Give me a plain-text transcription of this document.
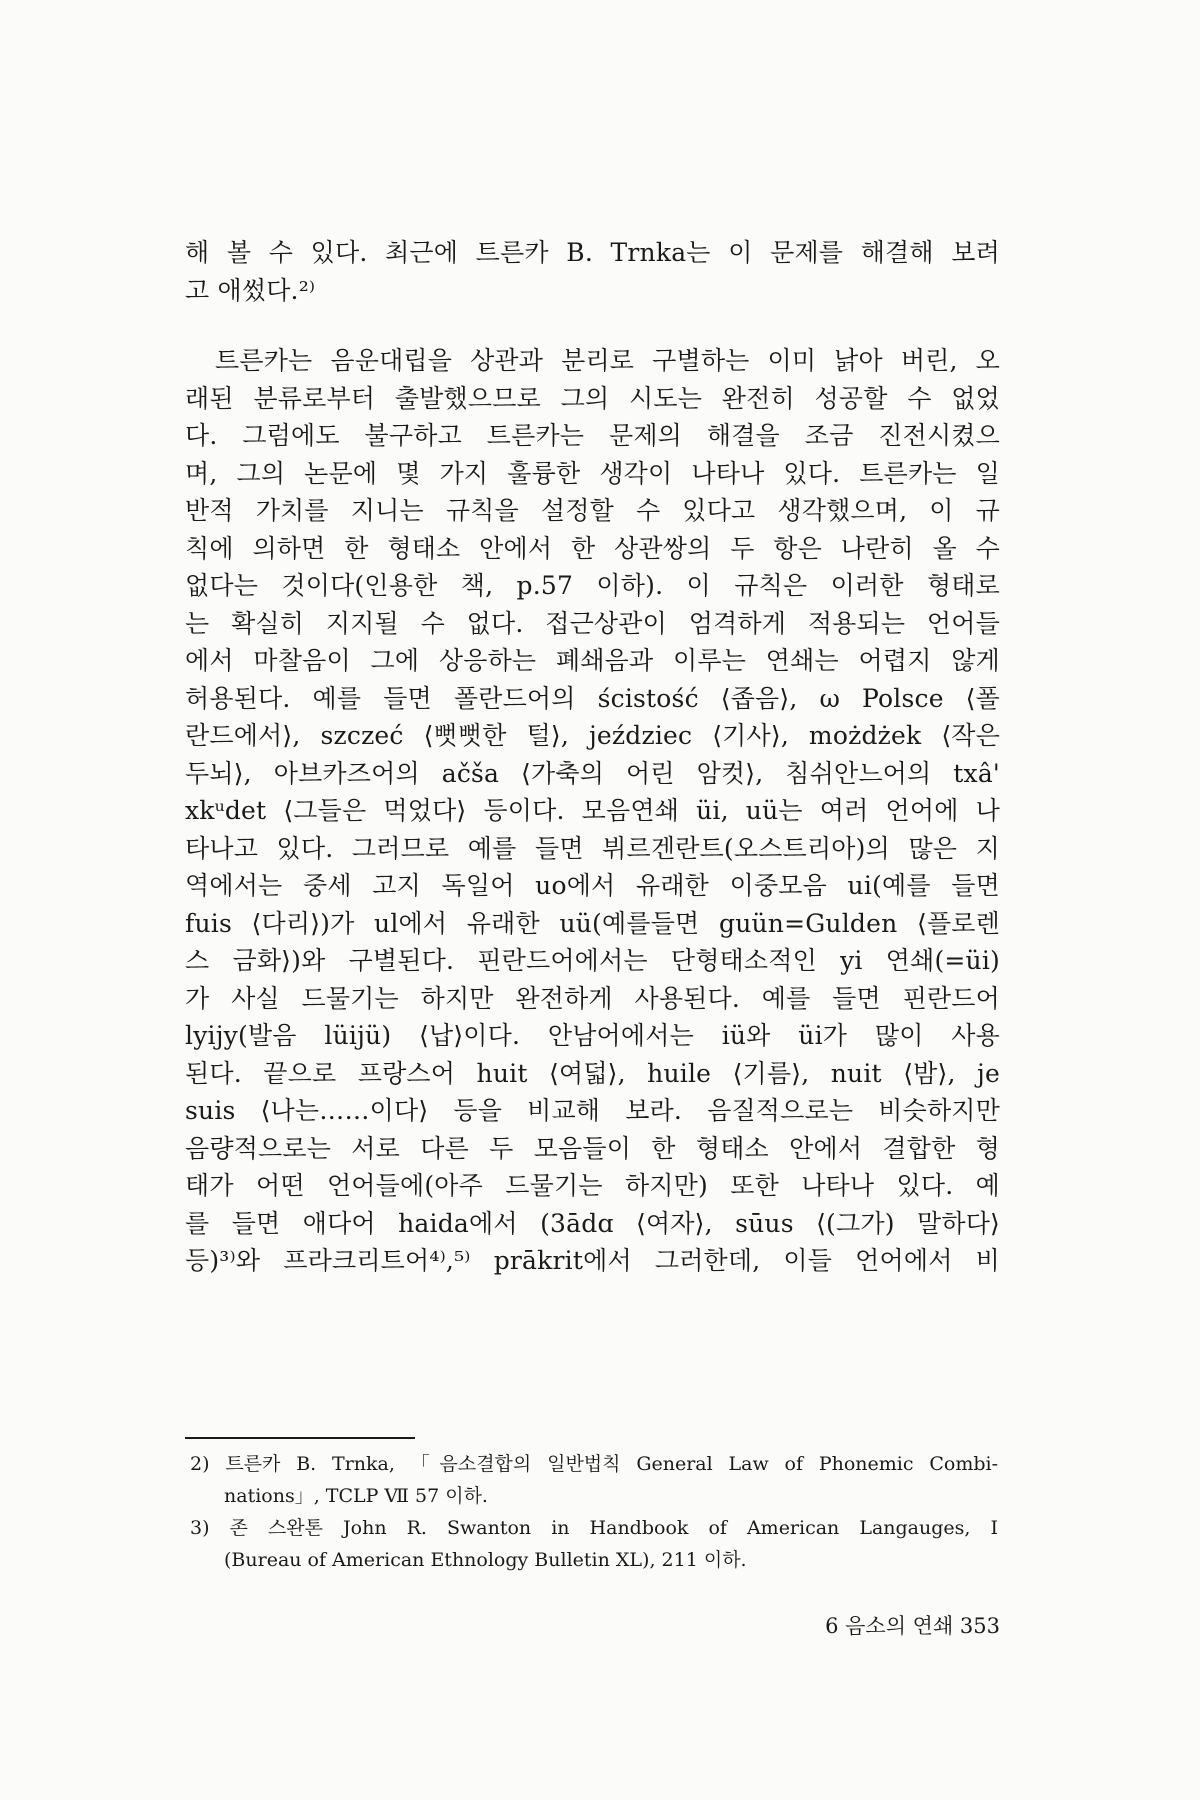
해 볼 수 있다. 최근에 트른카 B. Trnka는 이 문제를 해결해 보려
고 애썼다.²⁾
트른카는 음운대립을 상관과 분리로 구별하는 이미 낡아 버린, 오
래된 분류로부터 출발했으므로 그의 시도는 완전히 성공할 수 없었
다. 그럼에도 불구하고 트른카는 문제의 해결을 조금 진전시켰으
며, 그의 논문에 몇 가지 훌륭한 생각이 나타나 있다. 트른카는 일
반적 가치를 지니는 규칙을 설정할 수 있다고 생각했으며, 이 규
칙에 의하면 한 형태소 안에서 한 상관쌍의 두 항은 나란히 올 수
없다는 것이다(인용한 책, p.57 이하). 이 규칙은 이러한 형태로
는 확실히 지지될 수 없다. 접근상관이 엄격하게 적용되는 언어들
에서 마찰음이 그에 상응하는 폐쇄음과 이루는 연쇄는 어렵지 않게
허용된다. 예를 들면 폴란드어의 ścistość ⟨좁음⟩, ω Polsce ⟨폴
란드에서⟩, szczeć ⟨뻣뻣한 털⟩, jeździec ⟨기사⟩, możdżek ⟨작은
두뇌⟩, 아브카즈어의 ačša ⟨가축의 어린 암컷⟩, 침쉬안느어의 txâ'
xkᵘdet ⟨그들은 먹었다⟩ 등이다. 모음연쇄 üi, uü는 여러 언어에 나
타나고 있다. 그러므로 예를 들면 뷔르겐란트(오스트리아)의 많은 지
역에서는 중세 고지 독일어 uo에서 유래한 이중모음 ui(예를 들면
fuis ⟨다리⟩)가 ul에서 유래한 uü(예를들면 guün=Gulden ⟨플로렌
스 금화⟩)와 구별된다. 핀란드어에서는 단형태소적인 yi 연쇄(=üi)
가 사실 드물기는 하지만 완전하게 사용된다. 예를 들면 핀란드어
lyijy(발음 lüijü) ⟨납⟩이다. 안남어에서는 iü와 üi가 많이 사용
된다. 끝으로 프랑스어 huit ⟨여덟⟩, huile ⟨기름⟩, nuit ⟨밤⟩, je
suis ⟨나는……이다⟩ 등을 비교해 보라. 음질적으로는 비슷하지만
음량적으로는 서로 다른 두 모음들이 한 형태소 안에서 결합한 형
태가 어떤 언어들에(아주 드물기는 하지만) 또한 나타나 있다. 예
를 들면 애다어 haida에서 (3ādɑ ⟨여자⟩, sūus ⟨(그가) 말하다⟩
등)³⁾와 프라크리트어⁴⁾,⁵⁾ prākrit에서 그러한데, 이들 언어에서 비
2) 트른카 B. Trnka, 「음소결합의 일반법칙 General Law of Phonemic Combi-
nations」, TCLP Ⅶ 57 이하.
3) 존 스완톤 John R. Swanton in Handbook of American Langauges, I
(Bureau of American Ethnology Bulletin XL), 211 이하.
6 음소의 연쇄 353
